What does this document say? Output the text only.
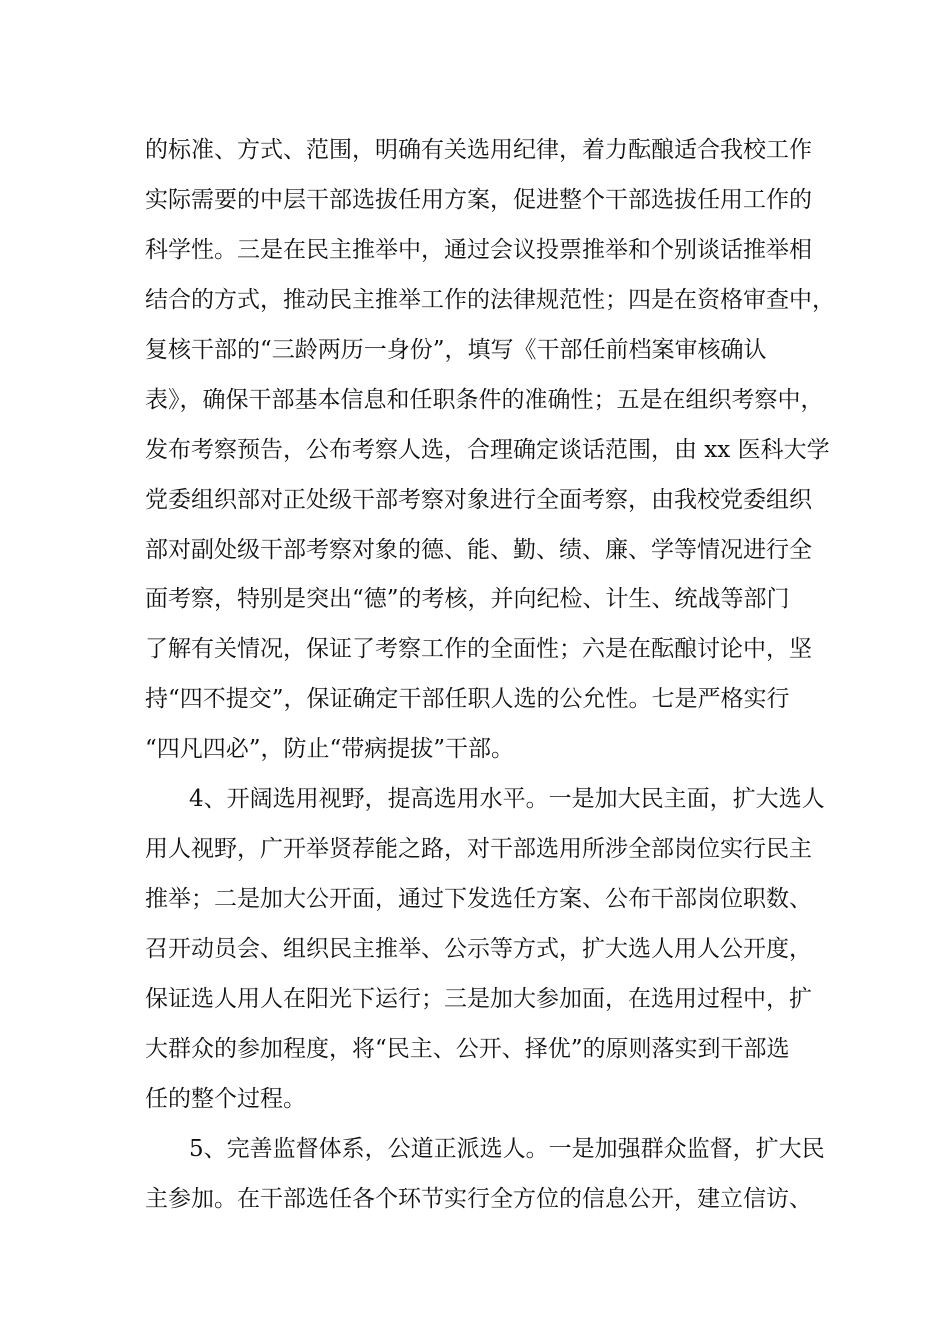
的标准、方式、范围，明确有关选用纪律，着力酝酿适合我校工作
实际需要的中层干部选拔任用方案，促进整个干部选拔任用工作的
科学性。三是在民主推举中，通过会议投票推举和个别谈话推举相
结合的方式，推动民主推举工作的法律规范性；四是在资格审查中，
复核干部的“三龄两历一身份”，填写《干部任前档案审核确认
表》，确保干部基本信息和任职条件的准确性；五是在组织考察中，
发布考察预告，公布考察人选，合理确定谈话范围，由 xx 医科大学
党委组织部对正处级干部考察对象进行全面考察，由我校党委组织
部对副处级干部考察对象的德、能、勤、绩、廉、学等情况进行全
面考察，特别是突出“德”的考核，并向纪检、计生、统战等部门
了解有关情况，保证了考察工作的全面性；六是在酝酿讨论中，坚
持“四不提交”，保证确定干部任职人选的公允性。七是严格实行
“四凡四必”，防止“带病提拔”干部。
4、开阔选用视野，提高选用水平。一是加大民主面，扩大选人
用人视野，广开举贤荐能之路，对干部选用所涉全部岗位实行民主
推举；二是加大公开面，通过下发选任方案、公布干部岗位职数、
召开动员会、组织民主推举、公示等方式，扩大选人用人公开度，
保证选人用人在阳光下运行；三是加大参加面，在选用过程中，扩
大群众的参加程度，将“民主、公开、择优”的原则落实到干部选
任的整个过程。
5、完善监督体系，公道正派选人。一是加强群众监督，扩大民
主参加。在干部选任各个环节实行全方位的信息公开，建立信访、
